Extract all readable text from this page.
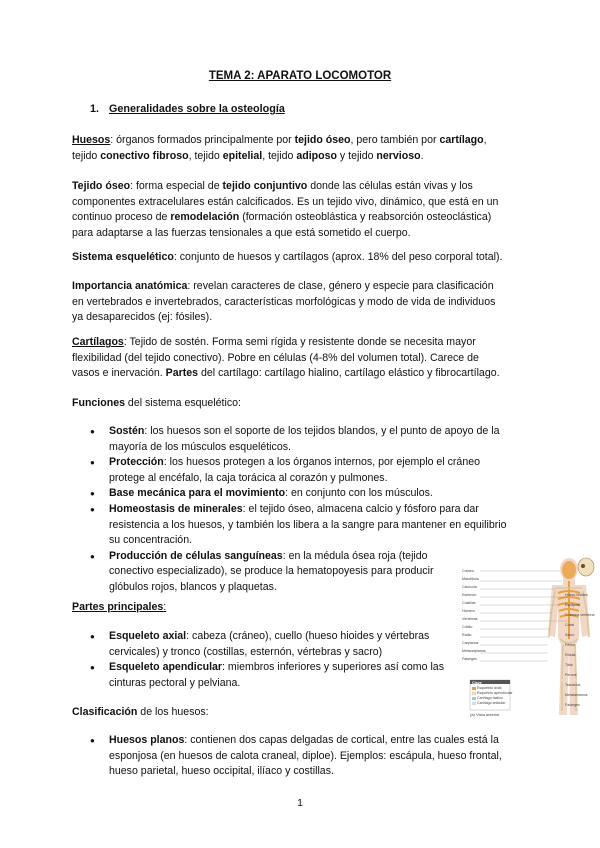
TEMA 2: APARATO LOCOMOTOR
1. Generalidades sobre la osteología
Huesos: órganos formados principalmente por tejido óseo, pero también por cartílago,
tejido conectivo fibroso, tejido epitelial, tejido adiposo y tejido nervioso.
Tejido óseo: forma especial de tejido conjuntivo donde las células están vivas y los
componentes extracelulares están calcificados. Es un tejido vivo, dinámico, que está en un
continuo proceso de remodelación (formación osteoblástica y reabsorción osteoclástica)
para adaptarse a las fuerzas tensionales a que está sometido el cuerpo.
Sistema esquelético: conjunto de huesos y cartílagos (aprox. 18% del peso corporal total).
Importancia anatómica: revelan caracteres de clase, género y especie para clasificación
en vertebrados e invertebrados, características morfológicas y modo de vida de individuos
ya desaparecidos (ej: fósiles).
Cartílagos: Tejido de sostén. Forma semi rígida y resistente donde se necesita mayor
flexibilidad (del tejido conectivo). Pobre en células (4-8% del volumen total). Carece de
vasos e inervación. Partes del cartílago: cartílago hialino, cartílago elástico y fibrocartílago.
Funciones del sistema esquelético:
●	Sostén: los huesos son el soporte de los tejidos blandos, y el punto de apoyo de la
mayoría de los músculos esqueléticos.
●	Protección: los huesos protegen a los órganos internos, por ejemplo el cráneo
protege al encéfalo, la caja torácica al corazón y pulmones.
●	Base mecánica para el movimiento: en conjunto con los músculos.
●	Homeostasis de minerales: el tejido óseo, almacena calcio y fósforo para dar
resistencia a los huesos, y también los libera a la sangre para mantener en equilibrio
su concentración.
●	Producción de células sanguíneas: en la médula ósea roja (tejido
conectivo especializado), se produce la hematopoyesis para producir
glóbulos rojos, blancos y plaquetas.
Partes principales:
●	Esqueleto axial: cabeza (cráneo), cuello (hueso hioides y vértebras
cervicales) y tronco (costillas, esternón, vértebras y sacro)
●	Esqueleto apendicular: miembros inferiores y superiores así como las
cinturas pectoral y pelviana.
Clasificación de los huesos:
●	Huesos planos: contienen dos capas delgadas de cortical, entre las cuales está la
esponjosa (en huesos de calota craneal, diploe). Ejemplos: escápula, hueso frontal,
hueso parietal, hueso occipital, ilíaco y costillas.
Cráneo
Mandíbula
Clavícula
Esternón
Costillas
Húmero
Vértebras
Cúbito
Radio
Carpianos
Metacarpianos
Falanges
Hueso hioides
Escápula
Columna vertebral
Coxal
Sacro
Fémur
Rótula
Tibia
Peroné
Tarsianos
Metatarsianos
Falanges
Clave
Esqueleto axial
Esqueleto apendicular
Cartílago hialino
Cartílago articular
(a) Vista anterior
1
